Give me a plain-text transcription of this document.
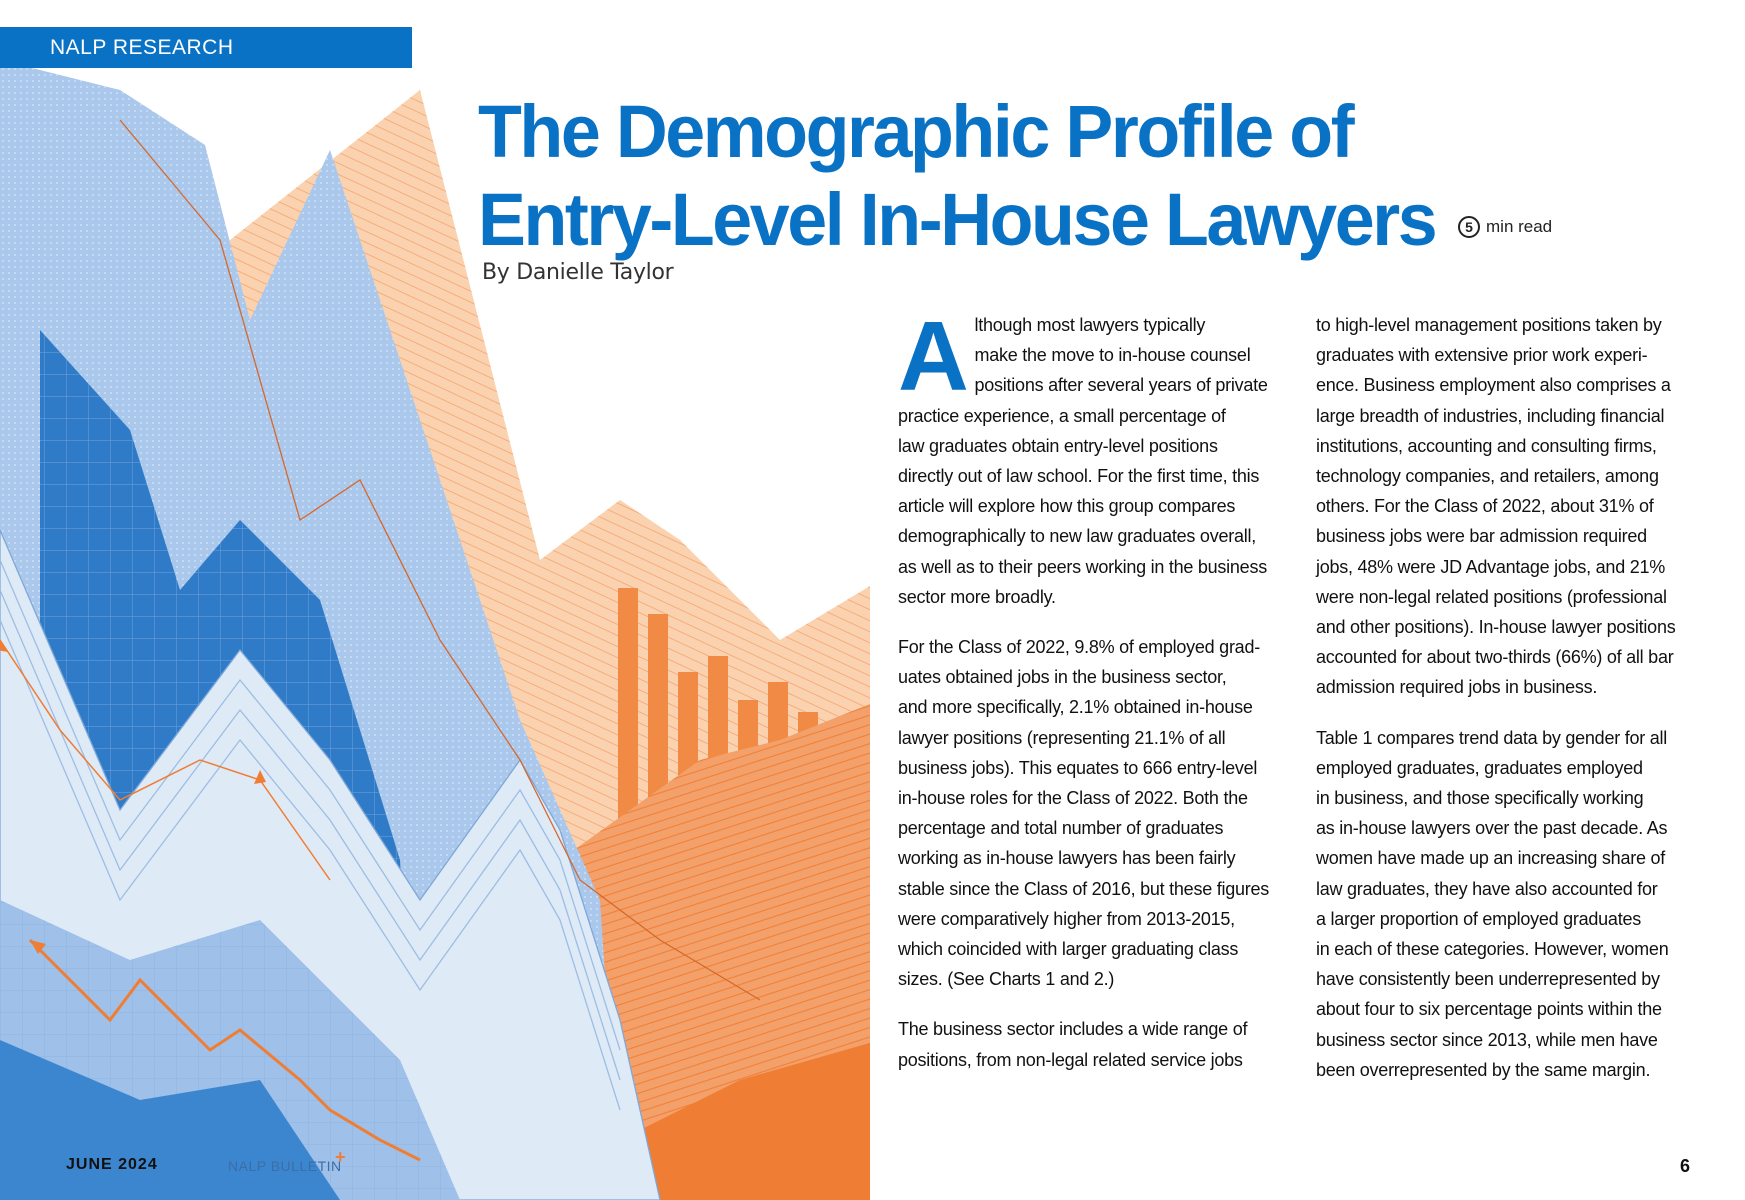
NALP RESEARCH
The Demographic Profile of
Entry-Level In-House Lawyers	5 min read
By Danielle Taylor

A lthough most lawyers typically
make the move to in-house counsel
positions after several years of private
practice experience, a small percentage of
law graduates obtain entry-level positions
directly out of law school. For the first time, this
article will explore how this group compares
demographically to new law graduates overall,
as well as to their peers working in the business
sector more broadly.

For the Class of 2022, 9.8% of employed grad-
uates obtained jobs in the business sector,
and more specifically, 2.1% obtained in-house
lawyer positions (representing 21.1% of all
business jobs). This equates to 666 entry-level
in-house roles for the Class of 2022. Both the
percentage and total number of graduates
working as in-house lawyers has been fairly
stable since the Class of 2016, but these figures
were comparatively higher from 2013-2015,
which coincided with larger graduating class
sizes. (See Charts 1 and 2.)

The business sector includes a wide range of
positions, from non-legal related service jobs

to high-level management positions taken by
graduates with extensive prior work experi-
ence. Business employment also comprises a
large breadth of industries, including financial
institutions, accounting and consulting firms,
technology companies, and retailers, among
others. For the Class of 2022, about 31% of
business jobs were bar admission required
jobs, 48% were JD Advantage jobs, and 21%
were non-legal related positions (professional
and other positions). In-house lawyer positions
accounted for about two-thirds (66%) of all bar
admission required jobs in business.

Table 1 compares trend data by gender for all
employed graduates, graduates employed
in business, and those specifically working
as in-house lawyers over the past decade. As
women have made up an increasing share of
law graduates, they have also accounted for
a larger proportion of employed graduates
in each of these categories. However, women
have consistently been underrepresented by
about four to six percentage points within the
business sector since 2013, while men have
been overrepresented by the same margin.

JUNE 2024	NALP BULLETIN
+	6
